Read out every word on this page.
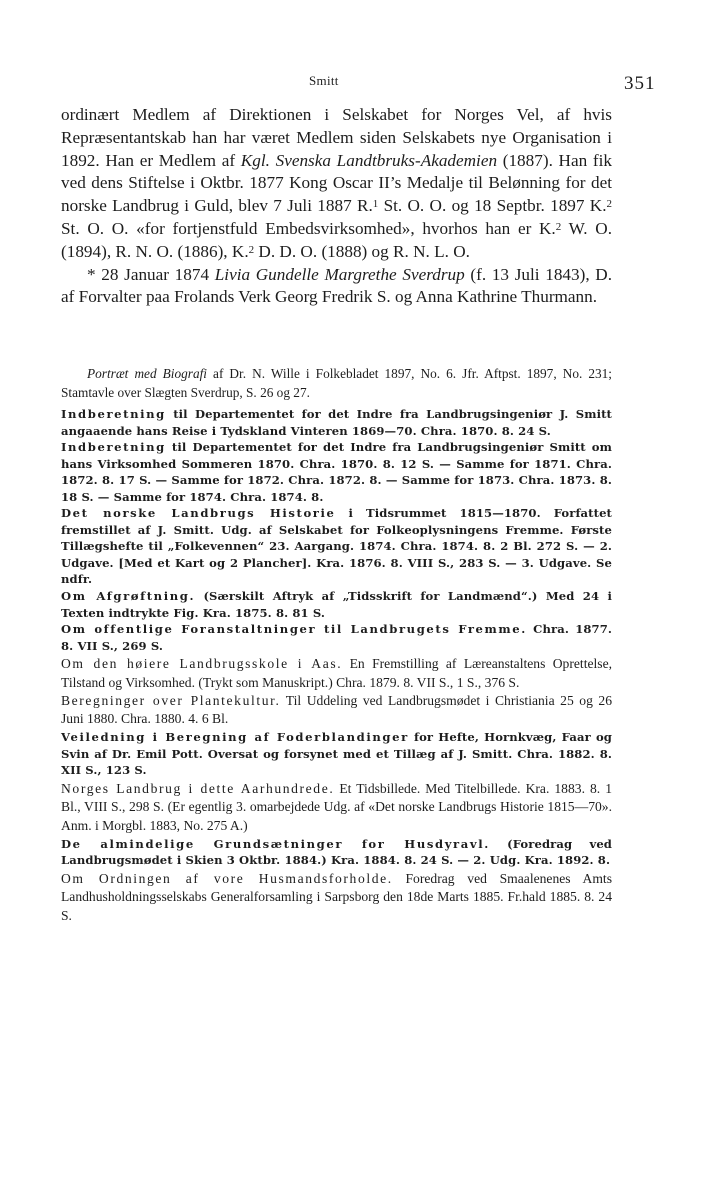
Smitt	351

ordinært Medlem af Direktionen i Selskabet for Norges Vel, af hvis Repræsentantskab han har været Medlem siden Selskabets nye Organisation i 1892. Han er Medlem af Kgl. Svenska Landtbruks-Akademien (1887). Han fik ved dens Stiftelse i Oktbr. 1877 Kong Oscar II’s Medalje til Belønning for det norske Landbrug i Guld, blev 7 Juli 1887 R.$^1$ St. O. O. og 18 Septbr. 1897 K.$^2$ St. O. O. «for fortjenstfuld Embedsvirksomhed», hvorhos han er K.$^2$ W. O. (1894), R. N. O. (1886), K.$^2$ D. D. O. (1888) og R. N. L. O.

* 28 Januar 1874 Livia Gundelle Margrethe Sverdrup (f. 13 Juli 1843), D. af Forvalter paa Frolands Verk Georg Fredrik S. og Anna Kathrine Thurmann.

Portræt med Biografi af Dr. N. Wille i Folkebladet 1897, No. 6. Jfr. Aftpst. 1897, No. 231; Stamtavle over Slægten Sverdrup, S. 26 og 27.

Indberetning til Departementet for det Indre fra Landbrugsingeniør J. Smitt angaaende hans Reise i Tydskland Vinteren 1869—70. Chra. 1870. 8. 24 S.

Indberetning til Departementet for det Indre fra Landbrugsingeniør Smitt om hans Virksomhed Sommeren 1870. Chra. 1870. 8. 12 S. — Samme for 1871. Chra. 1872. 8. 17 S. — Samme for 1872. Chra. 1872. 8. — Samme for 1873. Chra. 1873. 8. 18 S. — Samme for 1874. Chra. 1874. 8.

Det norske Landbrugs Historie i Tidsrummet 1815—1870. Forfattet fremstillet af J. Smitt. Udg. af Selskabet for Folkeoplysningens Fremme. Første Tillægshefte til „Folkevennen“ 23. Aargang. 1874. Chra. 1874. 8. 2 Bl. 272 S. — 2. Udgave. [Med et Kart og 2 Plancher]. Kra. 1876. 8. VIII S., 283 S. — 3. Udgave. Se ndfr.

Om Afgrøftning. (Særskilt Aftryk af „Tidsskrift for Landmænd“.) Med 24 i Texten indtrykte Fig. Kra. 1875. 8. 81 S.

Om offentlige Foranstaltninger til Landbrugets Fremme. Chra. 1877. 8. VII S., 269 S.

Om den høiere Landbrugsskole i Aas. En Fremstilling af Læreanstaltens Oprettelse, Tilstand og Virksomhed. (Trykt som Manuskript.) Chra. 1879. 8. VII S., 1 S., 376 S.

Beregninger over Plantekultur. Til Uddeling ved Landbrugsmødet i Christiania 25 og 26 Juni 1880. Chra. 1880. 4. 6 Bl.

Veiledning i Beregning af Foderblandinger for Hefte, Hornkvæg, Faar og Svin af Dr. Emil Pott. Oversat og forsynet med et Tillæg af J. Smitt. Chra. 1882. 8. XII S., 123 S.

Norges Landbrug i dette Aarhundrede. Et Tidsbillede. Med Titelbillede. Kra. 1883. 8. 1 Bl., VIII S., 298 S. (Er egentlig 3. omarbejdede Udg. af «Det norske Landbrugs Historie 1815—70». Anm. i Morgbl. 1883, No. 275 A.)

De almindelige Grundsætninger for Husdyravl. (Foredrag ved Landbrugsmødet i Skien 3 Oktbr. 1884.) Kra. 1884. 8. 24 S. — 2. Udg. Kra. 1892. 8.

Om Ordningen af vore Husmandsforholde. Foredrag ved Smaalenenes Amts Landhusholdningsselskabs Generalforsamling i Sarpsborg den 18de Marts 1885. Fr.hald 1885. 8. 24 S.
